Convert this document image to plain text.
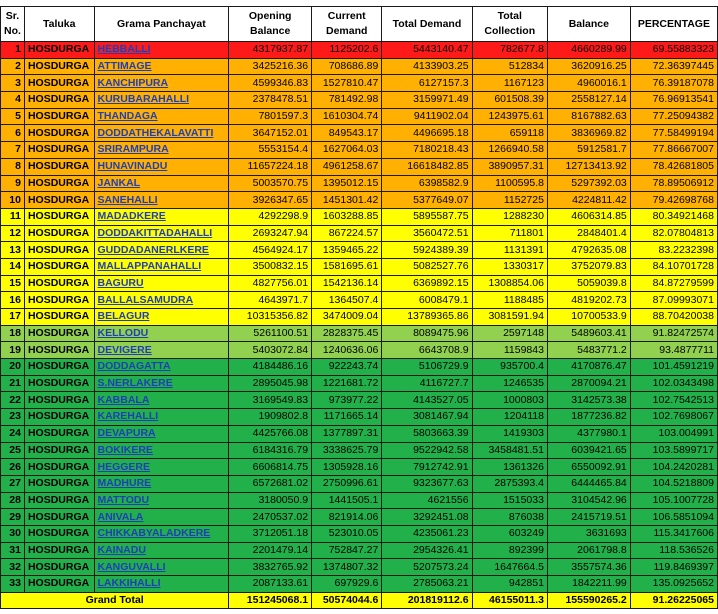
Sr. No.	Taluka	Grama Panchayat	Opening Balance	Current Demand	Total Demand	Total Collection	Balance	PERCENTAGE
1	HOSDURGA	HEBBALLI	4317937.87	1125202.6	5443140.47	782677.8	4660289.99	69.55883323
2	HOSDURGA	ATTIMAGE	3425216.36	708686.89	4133903.25	512834	3620916.25	72.36397445
3	HOSDURGA	KANCHIPURA	4599346.83	1527810.47	6127157.3	1167123	4960016.1	76.39187078
4	HOSDURGA	KURUBARAHALLI	2378478.51	781492.98	3159971.49	601508.39	2558127.14	76.96913541
5	HOSDURGA	THANDAGA	7801597.3	1610304.74	9411902.04	1243975.61	8167882.63	77.25094382
6	HOSDURGA	DODDATHEKALAVATTI	3647152.01	849543.17	4496695.18	659118	3836969.82	77.58499194
7	HOSDURGA	SRIRAMPURA	5553154.4	1627064.03	7180218.43	1266940.58	5912581.7	77.86667007
8	HOSDURGA	HUNAVINADU	11657224.18	4961258.67	16618482.85	3890957.31	12713413.92	78.42681805
9	HOSDURGA	JANKAL	5003570.75	1395012.15	6398582.9	1100595.8	5297392.03	78.89506912
10	HOSDURGA	SANEHALLI	3926347.65	1451301.42	5377649.07	1152725	4224811.42	79.42698768
11	HOSDURGA	MADADKERE	4292298.9	1603288.85	5895587.75	1288230	4606314.85	80.34921468
12	HOSDURGA	DODDAKITTADAHALLI	2693247.94	867224.57	3560472.51	711801	2848401.4	82.07804813
13	HOSDURGA	GUDDADANERLKERE	4564924.17	1359465.22	5924389.39	1131391	4792635.08	83.2232398
14	HOSDURGA	MALLAPPANAHALLI	3500832.15	1581695.61	5082527.76	1330317	3752079.83	84.10701728
15	HOSDURGA	BAGURU	4827756.01	1542136.14	6369892.15	1308854.06	5059039.8	84.87279599
16	HOSDURGA	BALLALSAMUDRA	4643971.7	1364507.4	6008479.1	1188485	4819202.73	87.09993071
17	HOSDURGA	BELAGUR	10315356.82	3474009.04	13789365.86	3081591.94	10700533.9	88.70420038
18	HOSDURGA	KELLODU	5261100.51	2828375.45	8089475.96	2597148	5489603.41	91.82472574
19	HOSDURGA	DEVIGERE	5403072.84	1240636.06	6643708.9	1159843	5483771.2	93.4877711
20	HOSDURGA	DODDAGATTA	4184486.16	922243.74	5106729.9	935700.4	4170876.47	101.4591219
21	HOSDURGA	S.NERLAKERE	2895045.98	1221681.72	4116727.7	1246535	2870094.21	102.0343498
22	HOSDURGA	KABBALA	3169549.83	973977.22	4143527.05	1000803	3142573.38	102.7542513
23	HOSDURGA	KAREHALLI	1909802.8	1171665.14	3081467.94	1204118	1877236.82	102.7698067
24	HOSDURGA	DEVAPURA	4425766.08	1377897.31	5803663.39	1419303	4377980.1	103.004991
25	HOSDURGA	BOKIKERE	6184316.79	3338625.79	9522942.58	3458481.51	6039421.65	103.5899717
26	HOSDURGA	HEGGERE	6606814.75	1305928.16	7912742.91	1361326	6550092.91	104.2420281
27	HOSDURGA	MADHURE	6572681.02	2750996.61	9323677.63	2875393.4	6444465.84	104.5218809
28	HOSDURGA	MATTODU	3180050.9	1441505.1	4621556	1515033	3104542.96	105.1007728
29	HOSDURGA	ANIVALA	2470537.02	821914.06	3292451.08	876038	2415719.51	106.5851094
30	HOSDURGA	CHIKKABYALADKERE	3712051.18	523010.05	4235061.23	603249	3631693	115.3417606
31	HOSDURGA	KAINADU	2201479.14	752847.27	2954326.41	892399	2061798.8	118.536526
32	HOSDURGA	KANGUVALLI	3832765.92	1374807.32	5207573.24	1647664.5	3557574.36	119.8469397
33	HOSDURGA	LAKKIHALLI	2087133.61	697929.6	2785063.21	942851	1842211.99	135.0925652
Grand Total			151245068.1	50574044.6	201819112.6	46155011.3	155590265.2	91.26225065
